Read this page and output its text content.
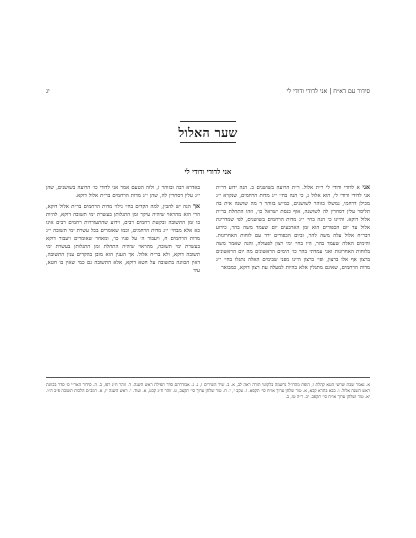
סידור עם דא״ח | אני לדודי ודודי לי
יג
שער האלול
אני לדודי ודודי לי

אני א לדודי ודודי לי ר״ת אלול. ר״ת הרועה בשושנים ב. הנה ידוע דר״ת אני לדודי ודודי לי, הוא אלול ג, כי הנה בחי׳ י״ג מדות הרחמים, שנקרא י״ג מכילן דרחמי, נמשלו בזוהר לשושנים, כמ״ש בזוהר ד מה שושנה אית בה תליסר עלין דסחרין לה לשושנה, אוף כנסת ישראל כו׳, וזהו התחלת בר״ת אלול דוקא. והיינו כי הנה בחי׳ י״ג מדות הרחמים בשושנים, לפי שמדריגת אלול עד יום הכפורים הוא זמן הארבעים יום שעמד משה בהר, כידוע דבר״ח אלול עלה משה להר, וביום הכפורים ירד עם לוחות האחרונות. והימים האלה שעמד בהר, היו בחי׳ ימי רצון לפעולה, והנה שאמר משה בלוחות האחרונות ואני עמדתי בהר כו׳ הימים הראשונים מה יום הראשונים ברצון אף אלו ברצון, ופי׳ ברצון היינו מפני שבימים האלה נתגלו בחי׳ י״ג מדות הרחמים, שאינם מתגלין אלא בהיות למעלה עת רצון דוקא, כמבואר

באדרא רבה ובזוהר ז, ולזה הטעם אמר אני לדודי כו׳ הרועה בשושנים, שהן י״ג עלין דסחרין לה, שהן י״ג מדות הרחמים בר״ת אלול דוקא.

אך הנה יש להבין, למה הקדים בחי׳ גילוי מדות הרחמים בר״ת אלול דוקא, הרי הוא מהראוי שיהיה עיקר זמן התגלותן בעשרת ימי תשובה דוקא, להיות בו זמן התשובה ובקשת רחמים רבים, וידוע שהתעוררות רחמים רבים אינו כא אלא מבחי׳ י״ג מדות הרחמים, וכמו שאומרים בכל עשרת ימי תשובה י״ג מדות הרחמים ח, ויעבור ה׳ על פניו כו׳, ומאחר שאומרים ויעבור דוקא בעשרת ימי תשובה, מהראוי שיהיה התחלת זמן התגלותן בעשרת ימי תשובה דוקא, ולא בר״ח אלול. אך הענין הוא מובן בהקדים ענין התשובה, דאין הכוונה בתשובה על חטא דוקא, אלא התשובה גם כמי שאין בו חטא, עיד

א. נאמר שבת שרשי הטא קהלת ו, הופת מהדו״ל נרשמה בלקוטי תורה ראה לב, א. ב. שיר השירים ו, ג. ג. אבודרהם סדר תפילת ראש השנה. ד. זוהר ח״ג רפו, ב. ה. סידור האר״י ס׳ סדר בכוונת ראש השנה אלול. ו. בבא בתרא קכא, א. טור שלחן ערוך או״ח סי׳ תקפא. ז. עקב י, י. ח. טור שלחן ערוך סי׳ תקצב, ט. זוהר ח״ג קכט, א. ועוד. י. ראש השנה יז, א. רמב״ם הלכות תשובה פ״ב ה״ו. יא. טור ושלחן ערוך או״ח סי׳ תקפב. יב. ר״ה טז, ב.
